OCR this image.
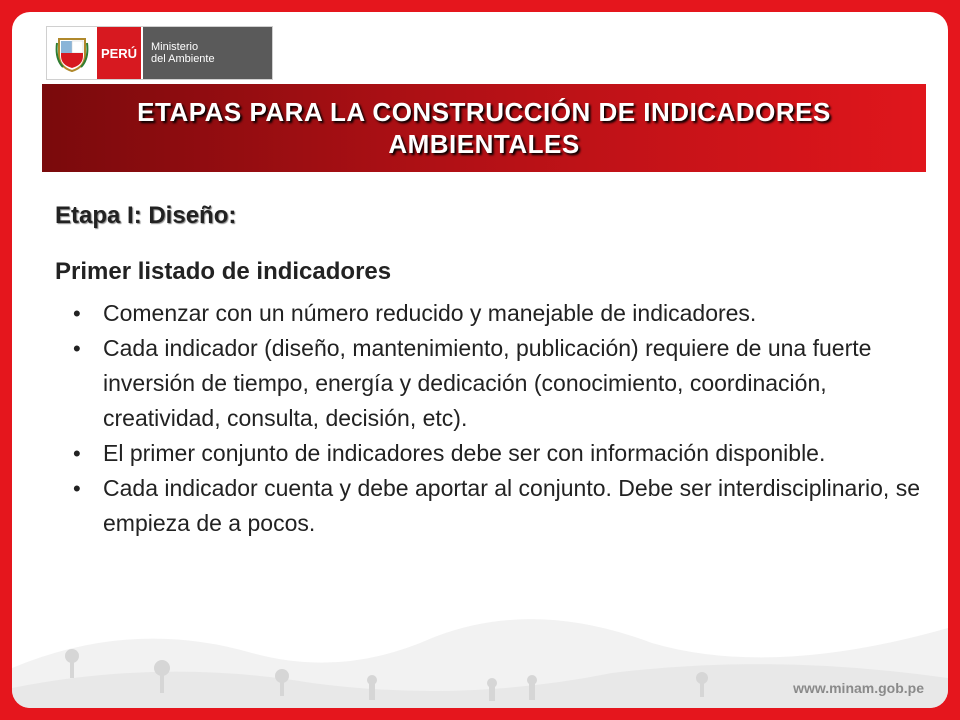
PERÚ	Ministerio
del Ambiente
ETAPAS PARA LA CONSTRUCCIÓN DE INDICADORES
AMBIENTALES
Etapa I: Diseño:
Primer listado de indicadores
• Comenzar con un número reducido y manejable de indicadores.
• Cada indicador (diseño, mantenimiento, publicación) requiere de una fuerte inversión de tiempo, energía y dedicación (conocimiento, coordinación, creatividad, consulta, decisión, etc).
• El primer conjunto de indicadores debe ser con información disponible.
• Cada indicador cuenta y debe aportar al conjunto. Debe ser interdisciplinario, se empieza de a pocos.
www.minam.gob.pe
